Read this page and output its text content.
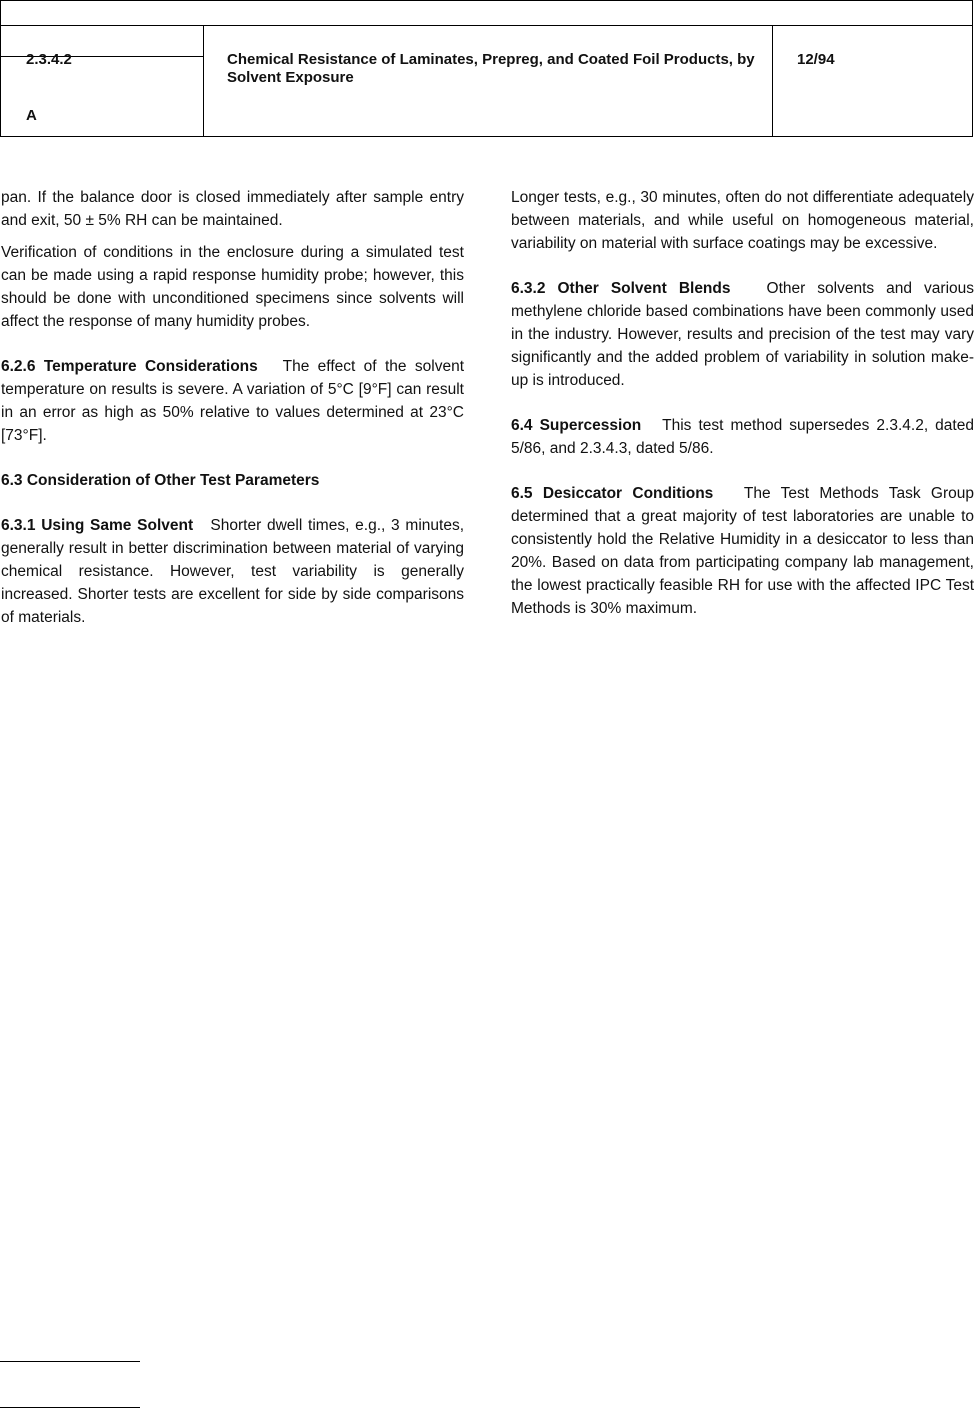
2.3.4.2
A
Chemical Resistance of Laminates, Prepreg, and Coated Foil Products, by Solvent Exposure
12/94

pan. If the balance door is closed immediately after sample entry and exit, 50 ± 5% RH can be maintained.

Verification of conditions in the enclosure during a simulated test can be made using a rapid response humidity probe; however, this should be done with unconditioned specimens since solvents will affect the response of many humidity probes.

6.2.6 Temperature Considerations The effect of the solvent temperature on results is severe. A variation of 5°C [9°F] can result in an error as high as 50% relative to values determined at 23°C [73°F].

6.3 Consideration of Other Test Parameters

6.3.1 Using Same Solvent Shorter dwell times, e.g., 3 minutes, generally result in better discrimination between material of varying chemical resistance. However, test variability is generally increased. Shorter tests are excellent for side by side comparisons of materials.

Longer tests, e.g., 30 minutes, often do not differentiate adequately between materials, and while useful on homogeneous material, variability on material with surface coatings may be excessive.

6.3.2 Other Solvent Blends Other solvents and various methylene chloride based combinations have been commonly used in the industry. However, results and precision of the test may vary significantly and the added problem of variability in solution make-up is introduced.

6.4 Supercession This test method supersedes 2.3.4.2, dated 5/86, and 2.3.4.3, dated 5/86.

6.5 Desiccator Conditions The Test Methods Task Group determined that a great majority of test laboratories are unable to consistently hold the Relative Humidity in a desiccator to less than 20%. Based on data from participating company lab management, the lowest practically feasible RH for use with the affected IPC Test Methods is 30% maximum.
